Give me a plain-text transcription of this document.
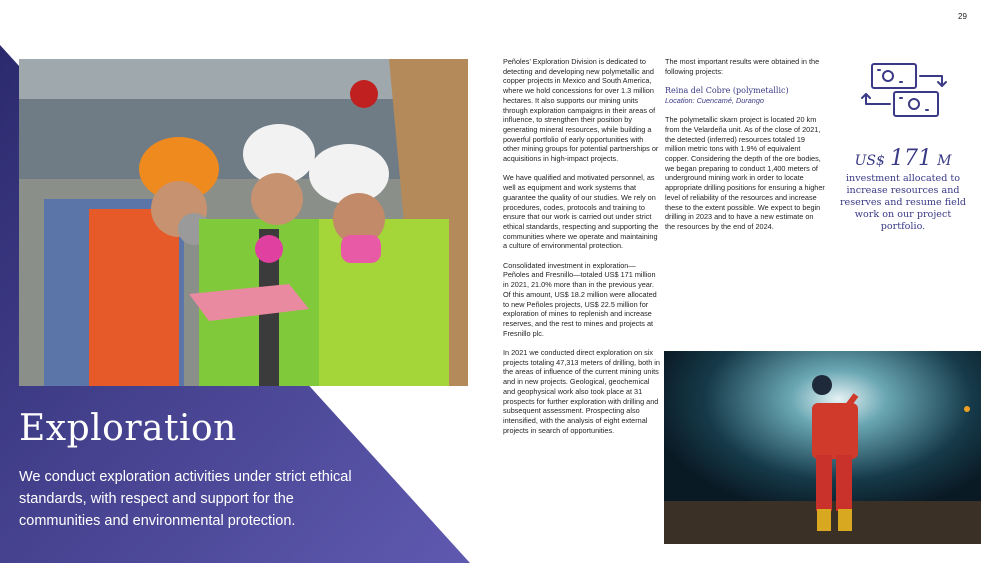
29
Exploration
We conduct exploration activities under strict ethical standards, with respect and support for the communities and environmental protection.

Peñoles’ Exploration Division is dedicated to detecting and developing new polymetallic and copper projects in Mexico and South America, where we hold concessions for over 1.3 million hectares. It also supports our mining units through exploration campaigns in their areas of influence, to strengthen their position by generating mineral resources, while building a powerful portfolio of early opportunities with other mining groups for potential partnerships or acquisitions in high-impact projects.

We have qualified and motivated personnel, as well as equipment and work systems that guarantee the quality of our studies. We rely on procedures, codes, protocols and training to ensure that our work is carried out under strict ethical standards, respecting and supporting the communities where we operate and maintaining a culture of environmental protection.

Consolidated investment in exploration—Peñoles and Fresnillo—totaled US$ 171 million in 2021, 21.0% more than in the previous year. Of this amount, US$ 18.2 million were allocated to new Peñoles projects, US$ 22.5 million for exploration of mines to replenish and increase reserves, and the rest to mines and projects at Fresnillo plc.

In 2021 we conducted direct exploration on six projects totaling 47,313 meters of drilling, both in the areas of influence of the current mining units and in new projects. Geological, geochemical and geophysical work also took place at 31 prospects for further exploration with drilling and subsequent assessment. Prospecting also intensified, with the analysis of eight external projects in search of opportunities.

The most important results were obtained in the following projects:

Reina del Cobre (polymetallic)

Location: Cuencamé, Durango

The polymetallic skarn project is located 20 km from the Velardeña unit. As of the close of 2021, the detected (inferred) resources totaled 19 million metric tons with 1.9% of equivalent copper. Considering the depth of the ore bodies, we began preparing to conduct 1,400 meters of underground mining work in order to locate appropriate drilling positions for ensuring a higher level of reliability of the resources and increase these to the extent possible. We expect to begin drilling in 2023 and to have a new estimate on the resources by the end of 2024.

US$ 171 M
investment allocated to increase resources and reserves and resume field work on our project portfolio.
